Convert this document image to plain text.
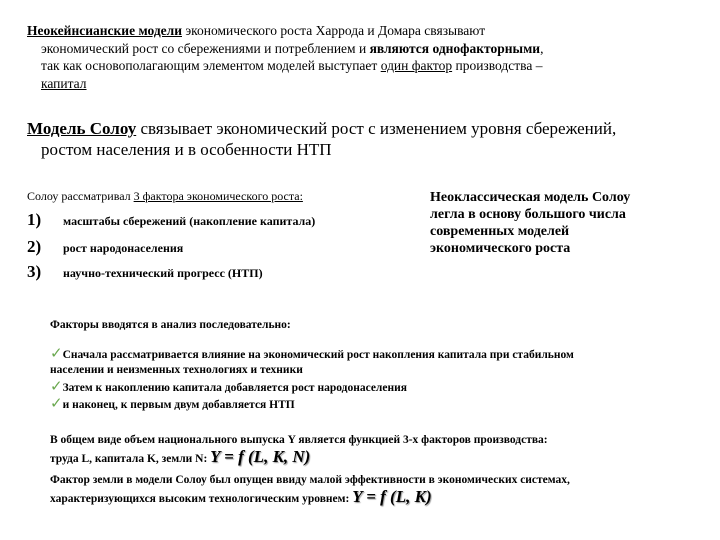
Неокейнсианские модели экономического роста Харрода и Домара связывают
экономический рост со сбережениями и потреблением и являются однофакторными,
так как основополагающим элементом моделей выступает один фактор производства –
капитал
Модель Солоу связывает экономический рост с изменением уровня сбережений,
ростом населения и в особенности НТП
Солоу рассматривал 3 фактора экономического роста:
1)	масштабы сбережений (накопление капитала)
2)	рост народонаселения
3)	научно-технический прогресс (НТП)
Неоклассическая модель Солоу
легла в основу большого числа
современных моделей
экономического роста
Факторы вводятся в анализ последовательно:
✓Сначала рассматривается влияние на экономический рост накопления капитала при стабильном
населении и неизменных технологиях и техники
✓Затем к накоплению капитала добавляется рост народонаселения
✓и наконец, к первым двум добавляется НТП
В общем виде объем национального выпуска Y является функцией 3-х факторов производства:
труда L, капитала K, земли N: Y = f (L, K, N)
Фактор земли в модели Солоу был опущен ввиду малой эффективности в экономических системах,
характеризующихся высоким технологическим уровнем: Y = f (L, K)
